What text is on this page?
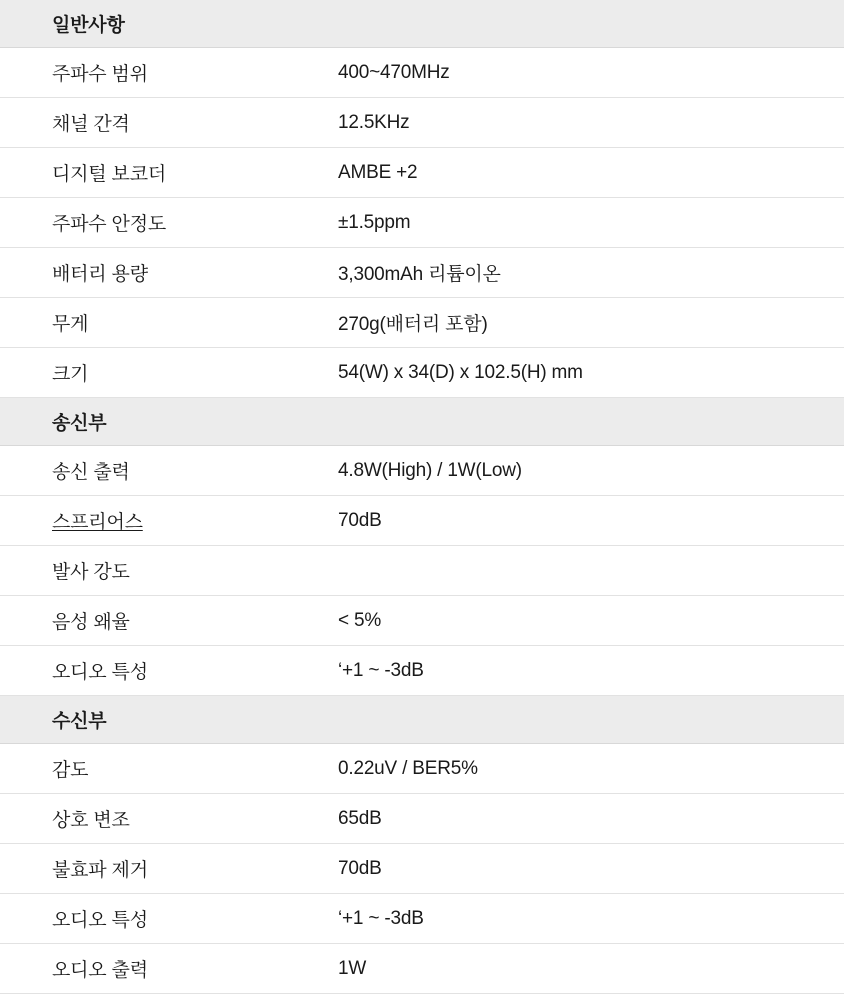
일반사항	
주파수 범위	400~470MHz
채널 간격	12.5KHz
디지털 보코더	AMBE +2
주파수 안정도	±1.5ppm
배터리 용량	3,300mAh 리튬이온
무게	270g(배터리 포함)
크기	54(W) x 34(D) x 102.5(H) mm
송신부	
송신 출력	4.8W(High) / 1W(Low)
스프리어스	70dB
발사 강도	
음성 왜율	< 5%
오디오 특성	‘+1 ~ -3dB
수신부	
감도	0.22uV / BER5%
상호 변조	65dB
불효파 제거	70dB
오디오 특성	‘+1 ~ -3dB
오디오 출력	1W
